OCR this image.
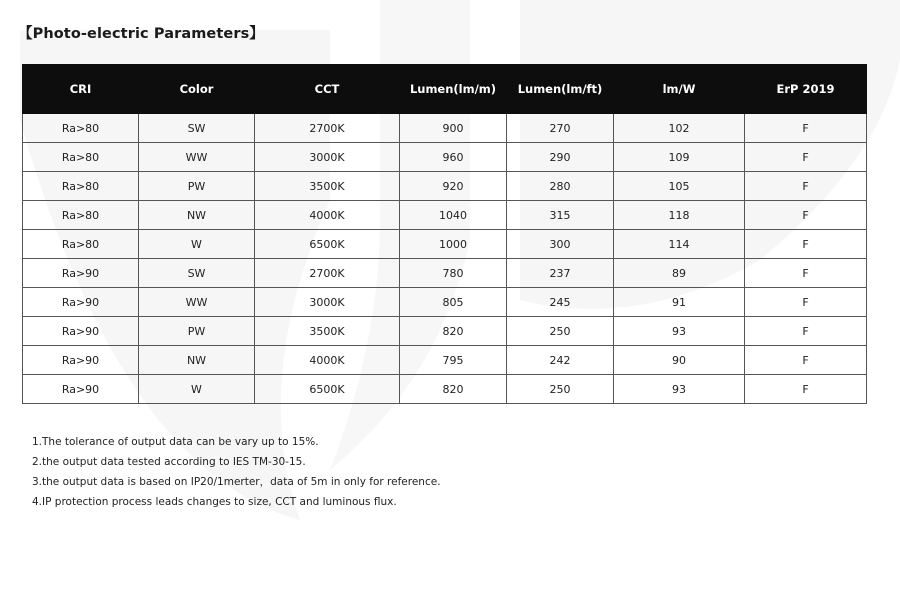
【Photo-electric Parameters】
CRI	Color	CCT	Lumen(lm/m)	Lumen(lm/ft)	lm/W	ErP 2019
Ra>80	SW	2700K	900	270	102	F
Ra>80	WW	3000K	960	290	109	F
Ra>80	PW	3500K	920	280	105	F
Ra>80	NW	4000K	1040	315	118	F
Ra>80	W	6500K	1000	300	114	F
Ra>90	SW	2700K	780	237	89	F
Ra>90	WW	3000K	805	245	91	F
Ra>90	PW	3500K	820	250	93	F
Ra>90	NW	4000K	795	242	90	F
Ra>90	W	6500K	820	250	93	F
1.The tolerance of output data can be vary up to 15%.
2.the output data tested according to IES TM-30-15.
3.the output data is based on IP20/1merter，data of 5m in only for reference.
4.IP protection process leads changes to size, CCT and luminous flux.
